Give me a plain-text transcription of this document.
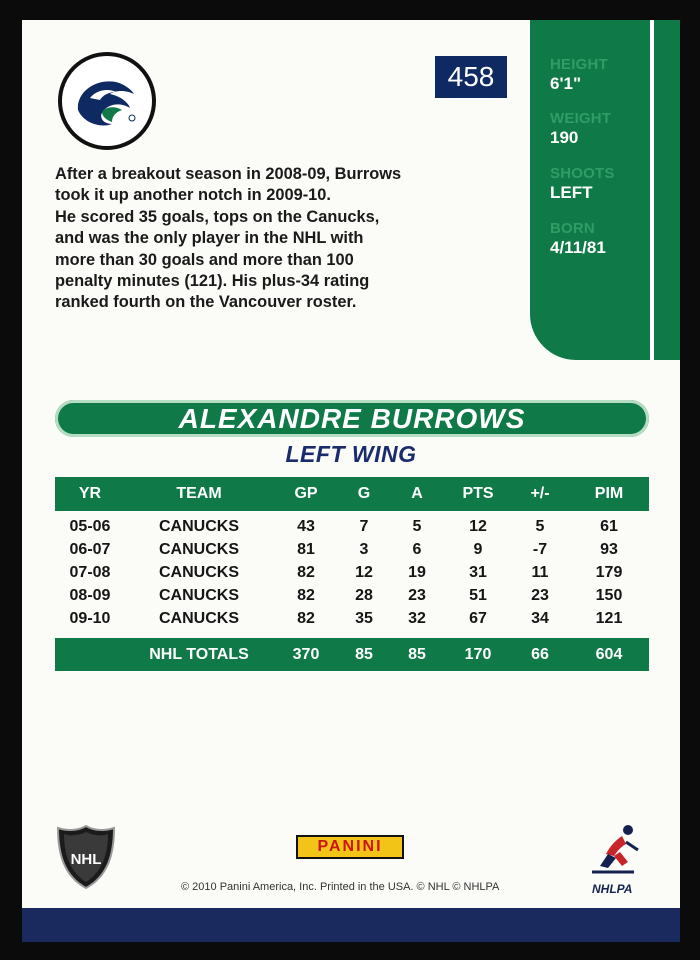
HEIGHT
6'1"
WEIGHT
190
SHOOTS
LEFT
BORN
4/11/81
458
After a breakout season in 2008-09, Burrows
took it up another notch in 2009-10.
He scored 35 goals, tops on the Canucks,
and was the only player in the NHL with
more than 30 goals and more than 100
penalty minutes (121). His plus-34 rating
ranked fourth on the Vancouver roster.
ALEXANDRE BURROWS
LEFT WING
YR	TEAM	GP	G	A	PTS	+/-	PIM
05-06	CANUCKS	43	7	5	12	5	61
06-07	CANUCKS	81	3	6	9	-7	93
07-08	CANUCKS	82	12	19	31	11	179
08-09	CANUCKS	82	28	23	51	23	150
09-10	CANUCKS	82	35	32	67	34	121
	NHL TOTALS	370	85	85	170	66	604
NHL
PANINI
NHLPA
© 2010 Panini America, Inc. Printed in the USA. © NHL © NHLPA
